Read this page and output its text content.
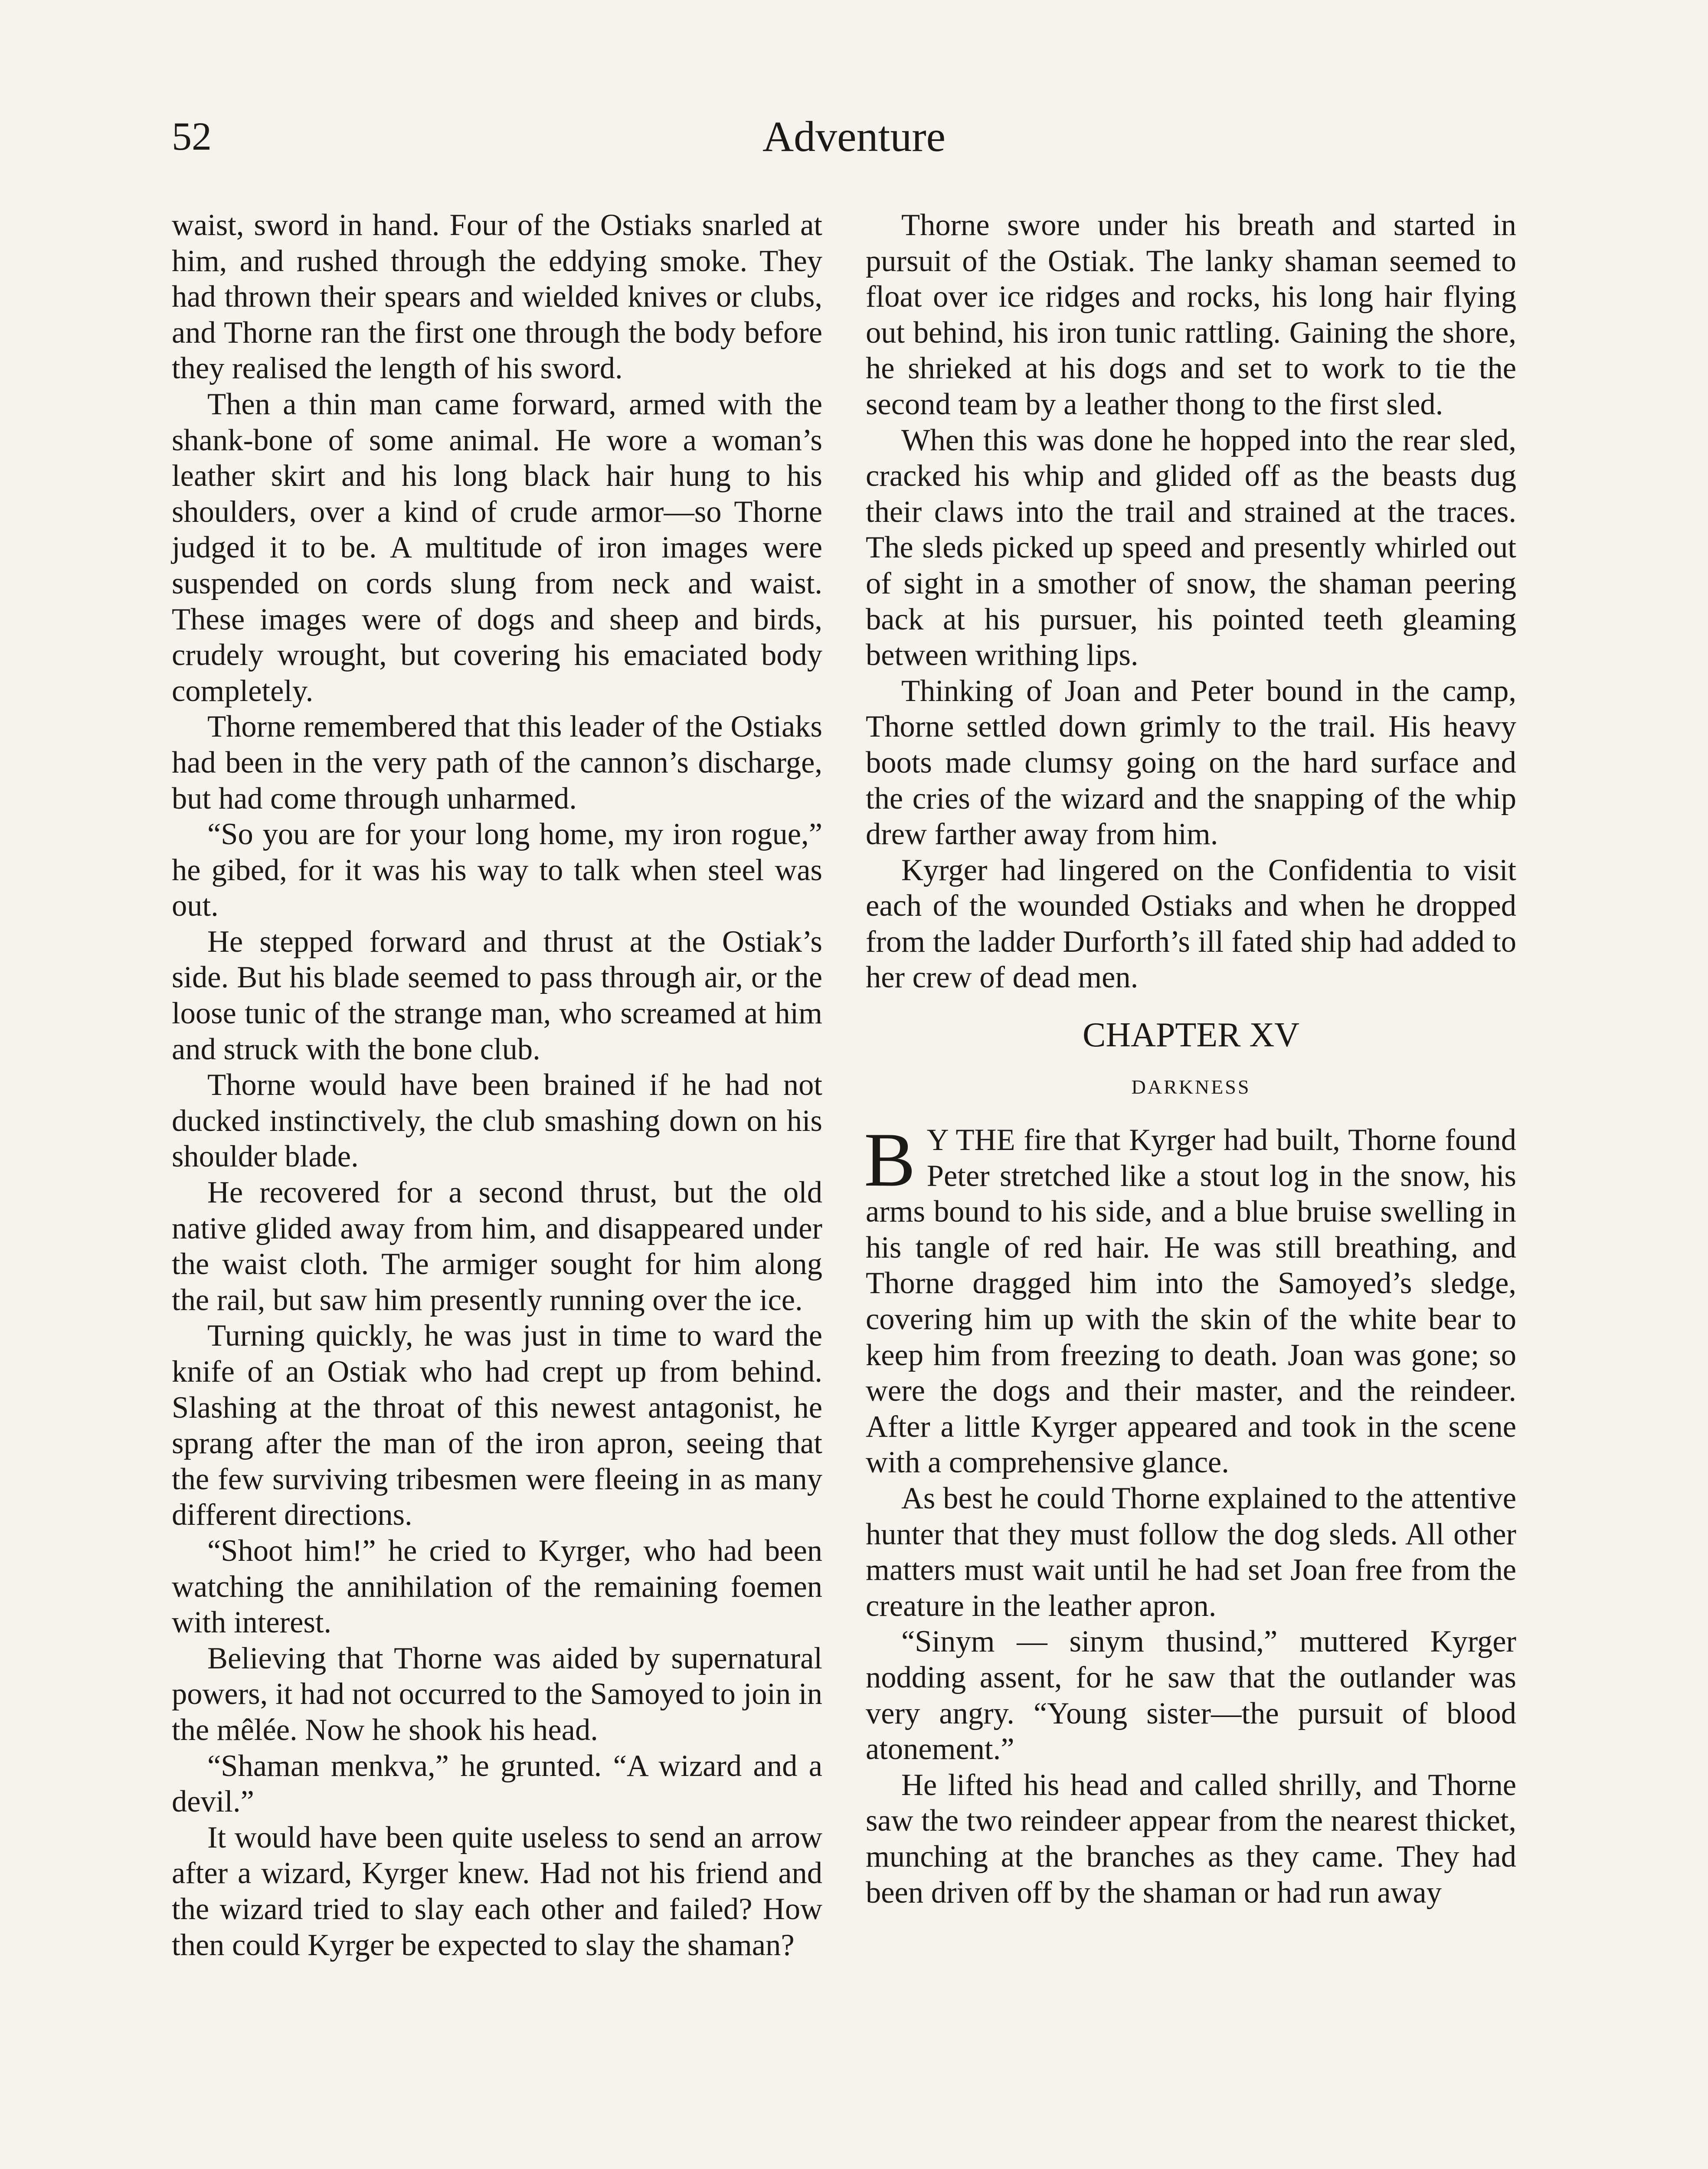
52	Adventure

waist, sword in hand. Four of the Ostiaks snarled at him, and rushed through the eddying smoke. They had thrown their spears and wielded knives or clubs, and Thorne ran the first one through the body before they realised the length of his sword.

Then a thin man came forward, armed with the shank-bone of some animal. He wore a woman’s leather skirt and his long black hair hung to his shoulders, over a kind of crude armor—so Thorne judged it to be. A multitude of iron images were suspended on cords slung from neck and waist. These images were of dogs and sheep and birds, crudely wrought, but covering his emaciated body completely.

Thorne remembered that this leader of the Ostiaks had been in the very path of the cannon’s discharge, but had come through unharmed.

“So you are for your long home, my iron rogue,” he gibed, for it was his way to talk when steel was out.

He stepped forward and thrust at the Ostiak’s side. But his blade seemed to pass through air, or the loose tunic of the strange man, who screamed at him and struck with the bone club.

Thorne would have been brained if he had not ducked instinctively, the club smashing down on his shoulder blade.

He recovered for a second thrust, but the old native glided away from him, and disappeared under the waist cloth. The armiger sought for him along the rail, but saw him presently running over the ice.

Turning quickly, he was just in time to ward the knife of an Ostiak who had crept up from behind. Slashing at the throat of this newest antagonist, he sprang after the man of the iron apron, seeing that the few surviving tribesmen were fleeing in as many different directions.

“Shoot him!” he cried to Kyrger, who had been watching the annihilation of the remaining foemen with interest.

Believing that Thorne was aided by supernatural powers, it had not occurred to the Samoyed to join in the mêlée. Now he shook his head.

“Shaman menkva,” he grunted. “A wizard and a devil.”

It would have been quite useless to send an arrow after a wizard, Kyrger knew. Had not his friend and the wizard tried to slay each other and failed? How then could Kyrger be expected to slay the shaman?

Thorne swore under his breath and started in pursuit of the Ostiak. The lanky shaman seemed to float over ice ridges and rocks, his long hair flying out behind, his iron tunic rattling. Gaining the shore, he shrieked at his dogs and set to work to tie the second team by a leather thong to the first sled.

When this was done he hopped into the rear sled, cracked his whip and glided off as the beasts dug their claws into the trail and strained at the traces. The sleds picked up speed and presently whirled out of sight in a smother of snow, the shaman peering back at his pursuer, his pointed teeth gleaming between writhing lips.

Thinking of Joan and Peter bound in the camp, Thorne settled down grimly to the trail. His heavy boots made clumsy going on the hard surface and the cries of the wizard and the snapping of the whip drew farther away from him.

Kyrger had lingered on the Confidentia to visit each of the wounded Ostiaks and when he dropped from the ladder Durforth’s ill fated ship had added to her crew of dead men.

CHAPTER XV
DARKNESS

B Y THE fire that Kyrger had built, Thorne found Peter stretched like a stout log in the snow, his arms bound to his side, and a blue bruise swelling in his tangle of red hair. He was still breathing, and Thorne dragged him into the Samoyed’s sledge, covering him up with the skin of the white bear to keep him from freezing to death. Joan was gone; so were the dogs and their master, and the reindeer. After a little Kyrger appeared and took in the scene with a comprehensive glance.

As best he could Thorne explained to the attentive hunter that they must follow the dog sleds. All other matters must wait until he had set Joan free from the creature in the leather apron.

“Sinym — sinym thusind,” muttered Kyrger nodding assent, for he saw that the outlander was very angry. “Young sister—the pursuit of blood atonement.”

He lifted his head and called shrilly, and Thorne saw the two reindeer appear from the nearest thicket, munching at the branches as they came. They had been driven off by the shaman or had run away
